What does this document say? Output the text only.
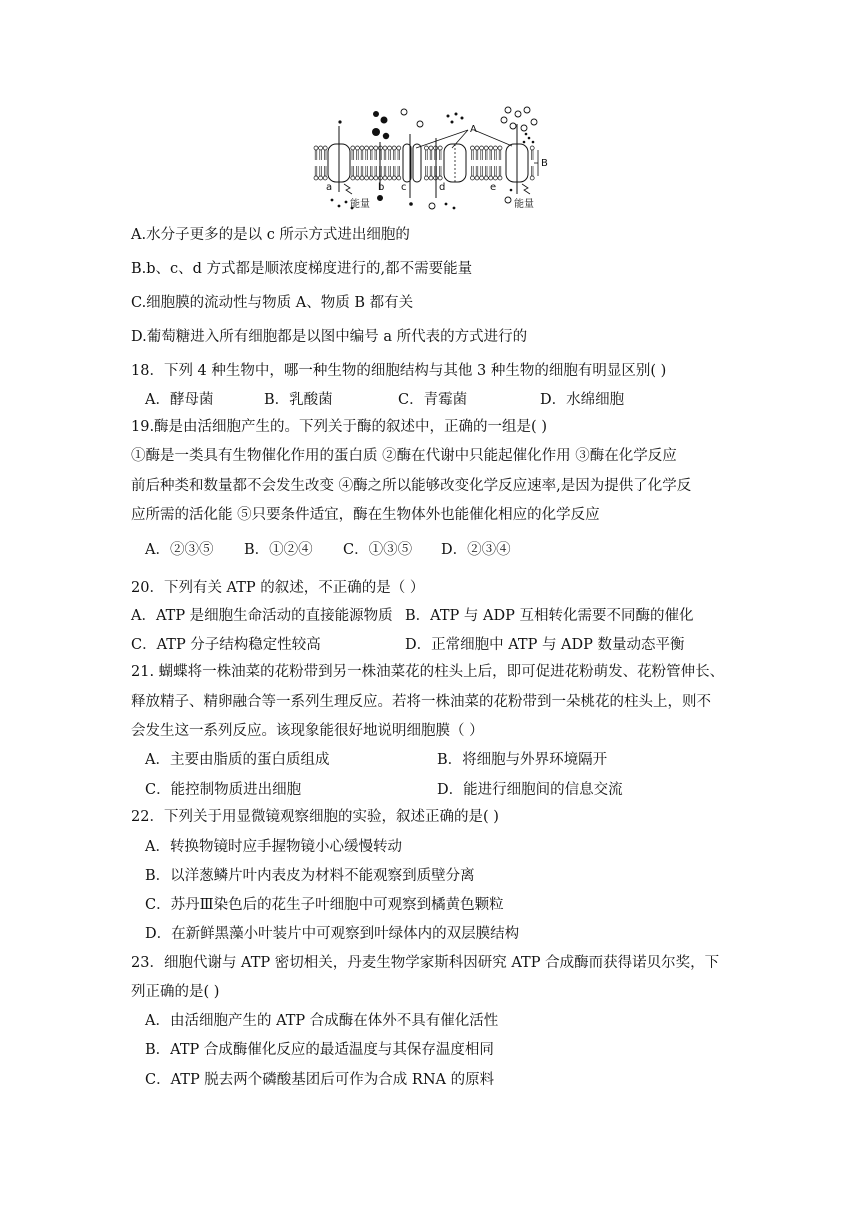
A
B
a	b c	d	e
能量	能量
A.水分子更多的是以 c 所示方式进出细胞的
B.b、c、d 方式都是顺浓度梯度进行的,都不需要能量
C.细胞膜的流动性与物质 A、物质 B 都有关
D.葡萄糖进入所有细胞都是以图中编号 a 所代表的方式进行的
18．下列 4 种生物中，哪一种生物的细胞结构与其他 3 种生物的细胞有明显区别( )
A．酵母菌	B．乳酸菌	C．青霉菌	D．水绵细胞
19.酶是由活细胞产生的。下列关于酶的叙述中，正确的一组是( )
①酶是一类具有生物催化作用的蛋白质 ②酶在代谢中只能起催化作用 ③酶在化学反应
前后种类和数量都不会发生改变 ④酶之所以能够改变化学反应速率,是因为提供了化学反
应所需的活化能 ⑤只要条件适宜，酶在生物体外也能催化相应的化学反应
A．②③⑤ B．①②④ C．①③⑤ D．②③④
20．下列有关 ATP 的叙述，不正确的是（ ）
A．ATP 是细胞生命活动的直接能源物质 B．ATP 与 ADP 互相转化需要不同酶的催化
C．ATP 分子结构稳定性较高	D．正常细胞中 ATP 与 ADP 数量动态平衡
21. 蝴蝶将一株油菜的花粉带到另一株油菜花的柱头上后，即可促进花粉萌发、花粉管伸长、
释放精子、精卵融合等一系列生理反应。若将一株油菜的花粉带到一朵桃花的柱头上，则不
会发生这一系列反应。该现象能很好地说明细胞膜（ ）
A．主要由脂质的蛋白质组成	B．将细胞与外界环境隔开
C．能控制物质进出细胞	D．能进行细胞间的信息交流
22．下列关于用显微镜观察细胞的实验，叙述正确的是( )
A．转换物镜时应手握物镜小心缓慢转动
B．以洋葱鳞片叶内表皮为材料不能观察到质壁分离
C．苏丹Ⅲ染色后的花生子叶细胞中可观察到橘黄色颗粒
D．在新鲜黑藻小叶装片中可观察到叶绿体内的双层膜结构
23．细胞代谢与 ATP 密切相关，丹麦生物学家斯科因研究 ATP 合成酶而获得诺贝尔奖，下
列正确的是( )
A．由活细胞产生的 ATP 合成酶在体外不具有催化活性
B．ATP 合成酶催化反应的最适温度与其保存温度相同
C．ATP 脱去两个磷酸基团后可作为合成 RNA 的原料
